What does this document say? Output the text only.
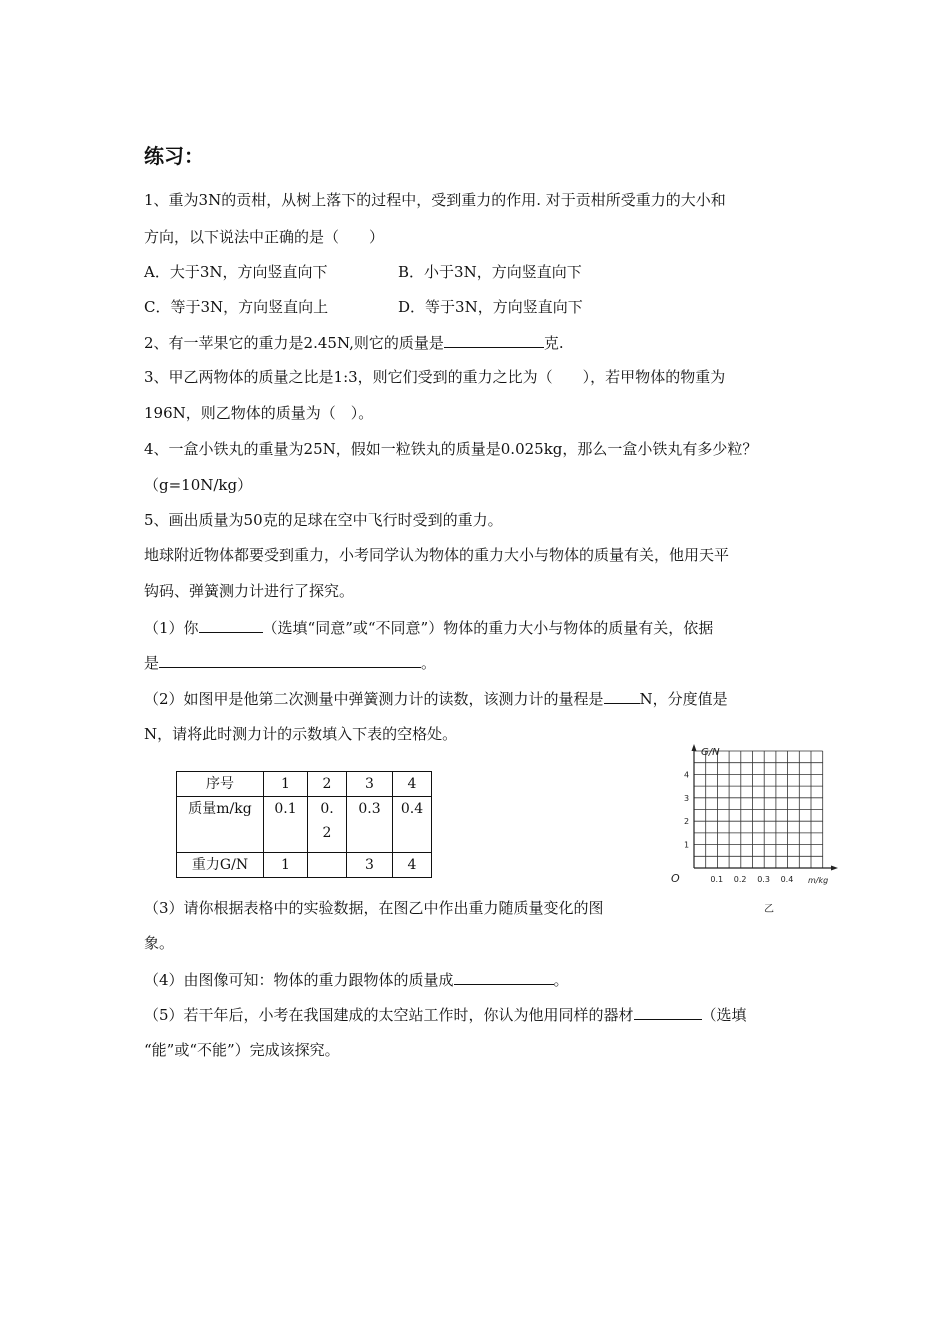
练习：
1、重为3N的贡柑，从树上落下的过程中，受到重力的作用. 对于贡柑所受重力的大小和
方向，以下说法中正确的是（　　）
A．大于3N，方向竖直向下	B．小于3N，方向竖直向下
C．等于3N，方向竖直向上	D．等于3N，方向竖直向下
2、有一苹果它的重力是2.45N,则它的质量是	克.
3、甲乙两物体的质量之比是1:3，则它们受到的重力之比为（　　），若甲物体的物重为
196N，则乙物体的质量为（　）。
4、一盒小铁丸的重量为25N，假如一粒铁丸的质量是0.025kg，那么一盒小铁丸有多少粒？
（g=10N/kg）
5、画出质量为50克的足球在空中飞行时受到的重力。
地球附近物体都要受到重力，小考同学认为物体的重力大小与物体的质量有关，他用天平
钩码、弹簧测力计进行了探究。
（1）你	（选填“同意”或“不同意”）物体的重力大小与物体的质量有关，依据
是	。
（2）如图甲是他第二次测量中弹簧测力计的读数，该测力计的量程是 N，分度值是
N，请将此时测力计的示数填入下表的空格处。
序号	1	2	3	4
质量m/kg	0.1	0.
2	0.3	0.4
重力G/N	1		3	4
G/N
O	m/kg
乙
1
2
3
4
0.1 0.2 0.3 0.4
（3）请你根据表格中的实验数据，在图乙中作出重力随质量变化的图
象。
（4）由图像可知：物体的重力跟物体的质量成	。
（5）若干年后，小考在我国建成的太空站工作时，你认为他用同样的器材	（选填
“能”或“不能”）完成该探究。
